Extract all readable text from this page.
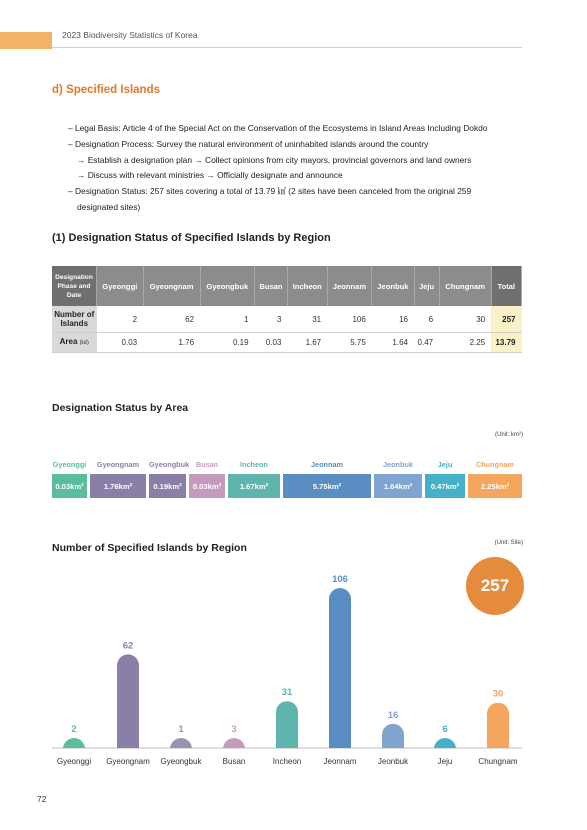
2023 Biodiversity Statistics of Korea
d) Specified Islands
– Legal Basis: Article 4 of the Special Act on the Conservation of the Ecosystems in Island Areas Including Dokdo
– Designation Process: Survey the natural environment of uninhabited islands around the country
→ Establish a designation plan → Collect opinions from city mayors, provincial governors and land owners
→ Discuss with relevant ministries → Officially designate and announce
– Designation Status: 257 sites covering a total of 13.79 ㎢ (2 sites have been canceled from the original 259
designated sites)
(1) Designation Status of Specified Islands by Region
Designation
Phase and
Date	Gyeonggi	Gyeongnam	Gyeongbuk	Busan	Incheon	Jeonnam	Jeonbuk	Jeju	Chungnam	Total
Number of
Islands	2	62	1	3	31	106	16	6	30	257
Area (㎢)	0.03	1.76	0.19	0.03	1.67	5.75	1.64	0.47	2.25	13.79
Designation Status by Area
(Unit: km²)
Gyeonggi
0.03km²
Gyeongnam
1.76km²
Gyeongbuk
0.19km²
Busan
0.03km²
Incheon
1.67km²
Jeonnam
5.75km²
Jeonbuk
1.64km²
Jeju
0.47km²
Chungnam
2.25km²
Number of Specified Islands by Region	(Unit: Site)
2
Gyeonggi
62
Gyeongnam
1
Gyeongbuk
3
Busan
31
Incheon
106
Jeonnam
16
Jeonbuk
6
Jeju
30
Chungnam
257
72
